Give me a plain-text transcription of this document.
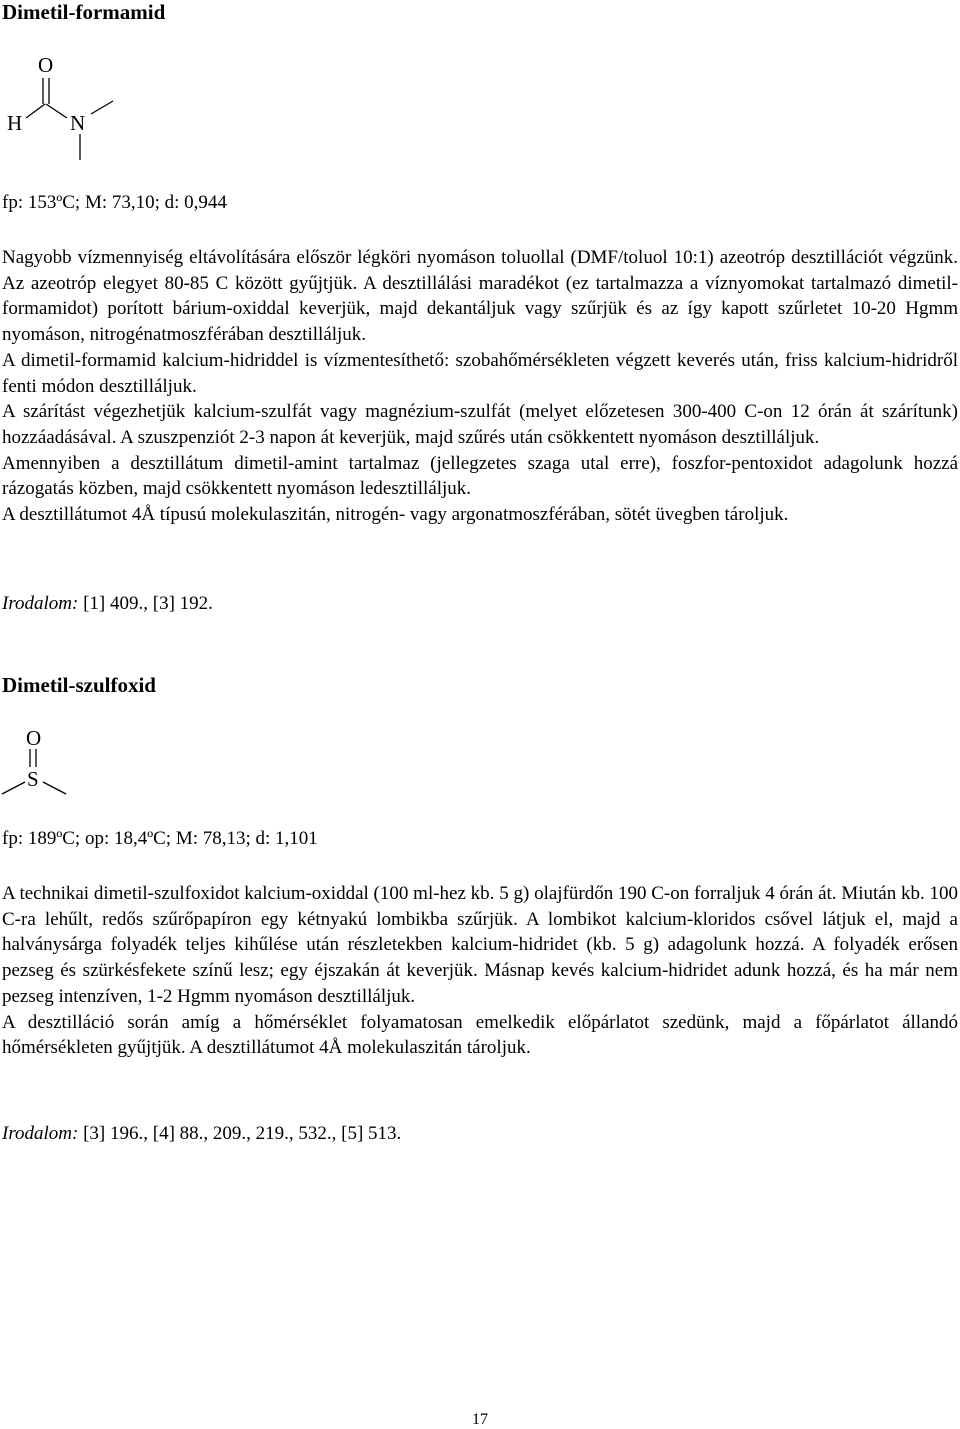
Dimetil-formamid
O
H N

fp: 153ºC; M: 73,10; d: 0,944

Nagyobb vízmennyiség eltávolítására először légköri nyomáson toluollal (DMF/toluol 10:1) azeotróp desztillációt végzünk. Az azeotróp elegyet 80-85 C között gyűjtjük. A desztillálási maradékot (ez tartalmazza a víznyomokat tartalmazó dimetil-formamidot) porított bárium-oxiddal keverjük, majd dekantáljuk vagy szűrjük és az így kapott szűrletet 10-20 Hgmm nyomáson, nitrogénatmoszférában desztilláljuk.

A dimetil-formamid kalcium-hidriddel is vízmentesíthető: szobahőmérsékleten végzett keverés után, friss kalcium-hidridről fenti módon desztilláljuk.

A szárítást végezhetjük kalcium-szulfát vagy magnézium-szulfát (melyet előzetesen 300-400 C-on 12 órán át szárítunk) hozzáadásával. A szuszpenziót 2-3 napon át keverjük, majd szűrés után csökkentett nyomáson desztilláljuk.

Amennyiben a desztillátum dimetil-amint tartalmaz (jellegzetes szaga utal erre), foszfor-pentoxidot adagolunk hozzá rázogatás közben, majd csökkentett nyomáson ledesztilláljuk.

A desztillátumot 4Å típusú molekulaszitán, nitrogén- vagy argonatmoszférában, sötét üvegben tároljuk.

Irodalom: [1] 409., [3] 192.

Dimetil-szulfoxid
O
S

fp: 189ºC; op: 18,4ºC; M: 78,13; d: 1,101

A technikai dimetil-szulfoxidot kalcium-oxiddal (100 ml-hez kb. 5 g) olajfürdőn 190 C-on forraljuk 4 órán át. Miután kb. 100 C-ra lehűlt, redős szűrőpapíron egy kétnyakú lombikba szűrjük. A lombikot kalcium-kloridos csővel látjuk el, majd a halványsárga folyadék teljes kihűlése után részletekben kalcium-hidridet (kb. 5 g) adagolunk hozzá. A folyadék erősen pezseg és szürkésfekete színű lesz; egy éjszakán át keverjük. Másnap kevés kalcium-hidridet adunk hozzá, és ha már nem pezseg intenzíven, 1-2 Hgmm nyomáson desztilláljuk.

A desztilláció során amíg a hőmérséklet folyamatosan emelkedik előpárlatot szedünk, majd a főpárlatot állandó hőmérsékleten gyűjtjük. A desztillátumot 4Å molekulaszitán tároljuk.

Irodalom: [3] 196., [4] 88., 209., 219., 532., [5] 513.

17
